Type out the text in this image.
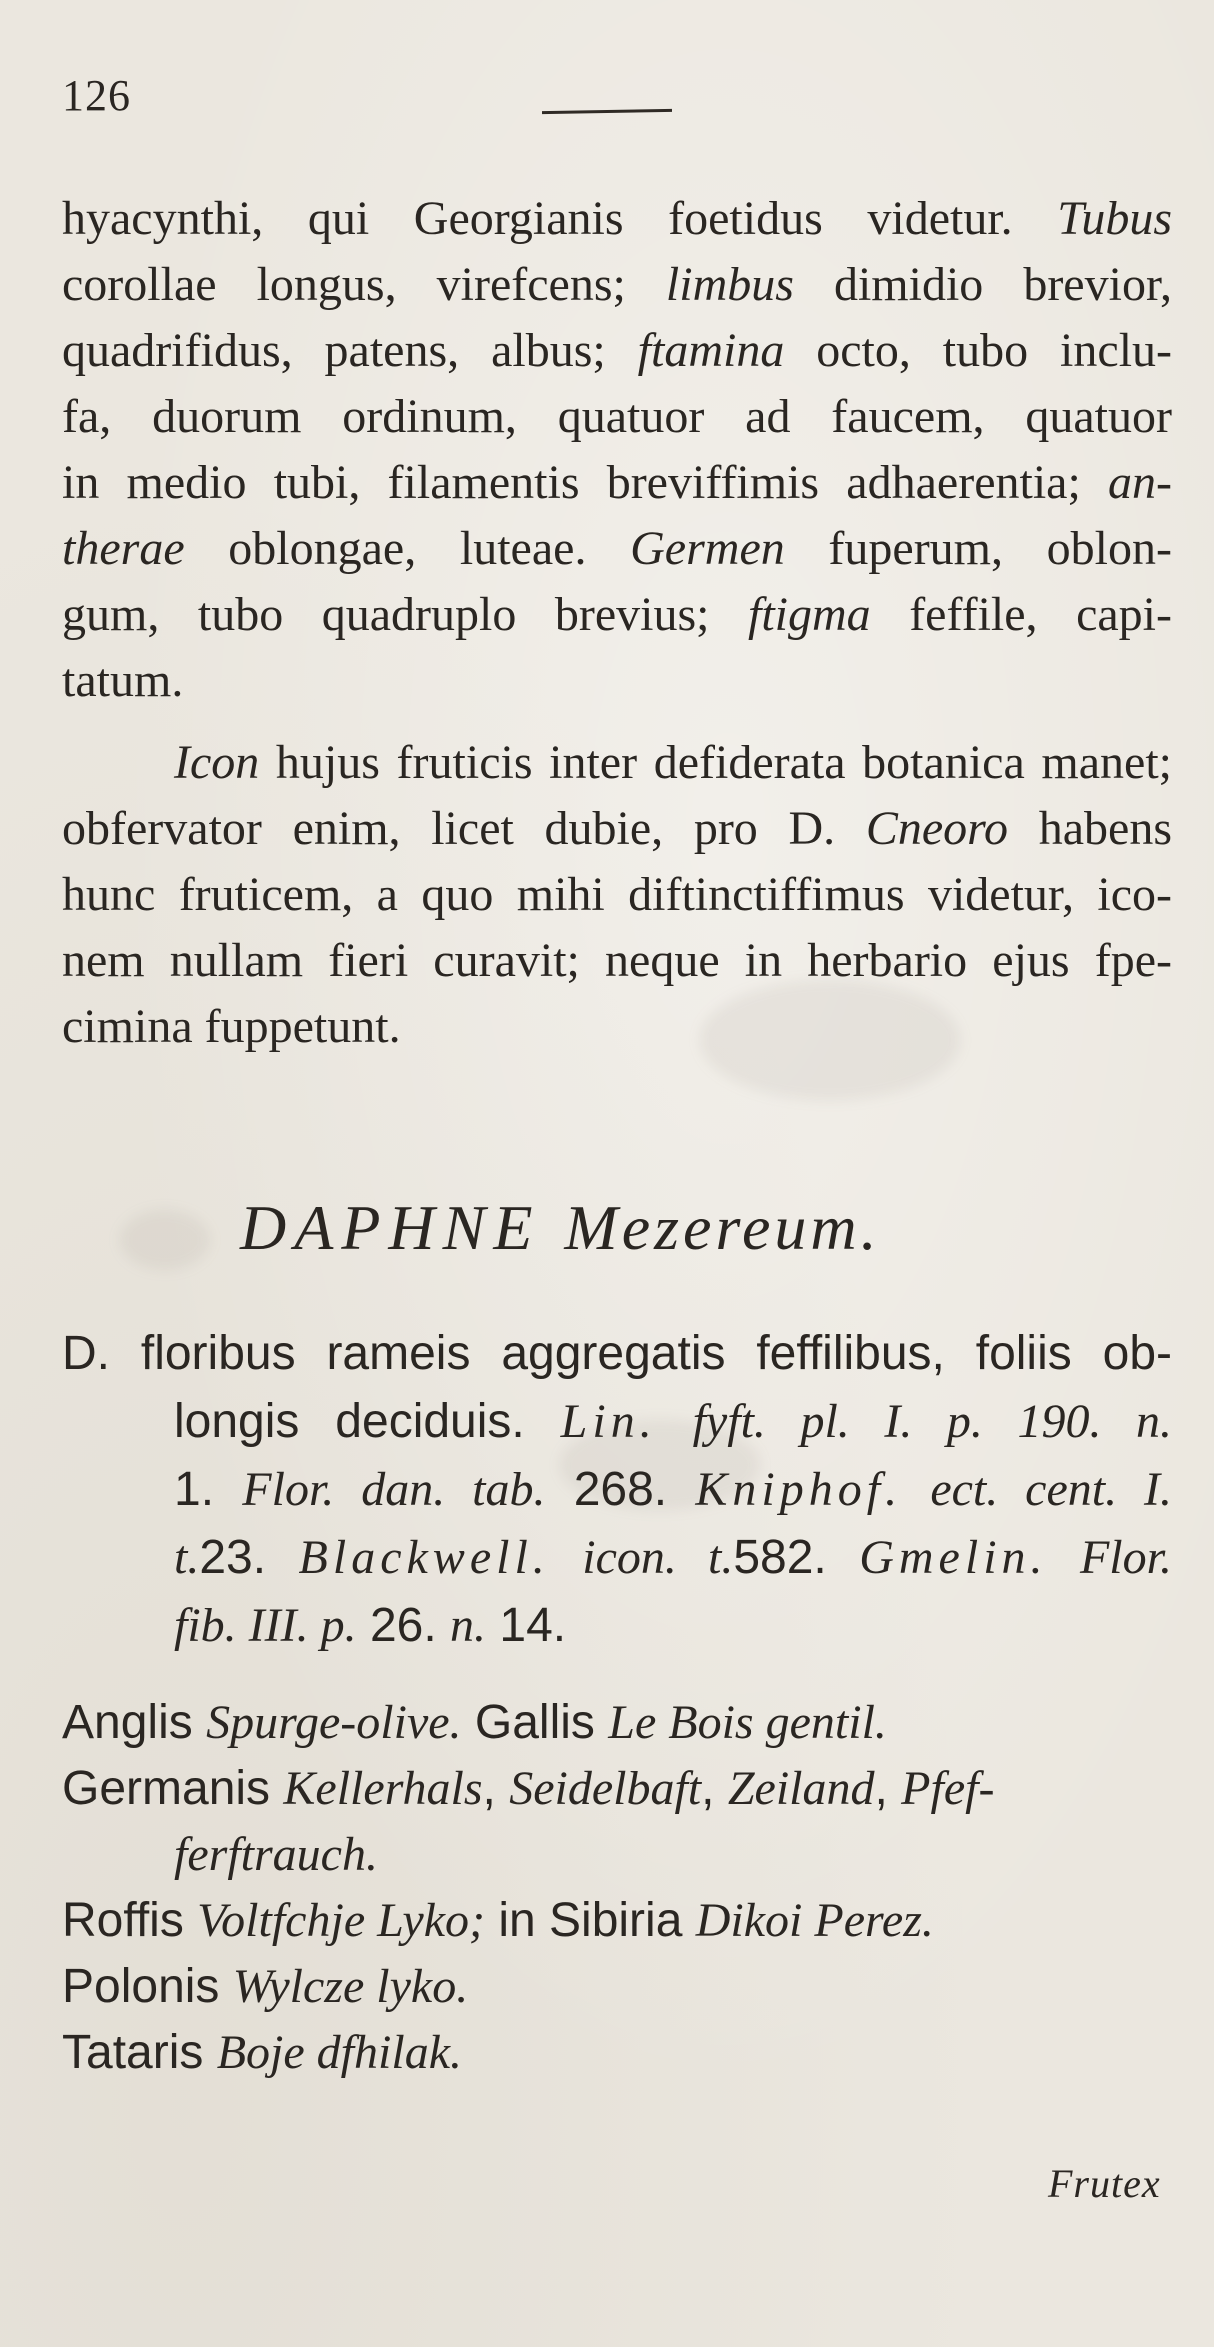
126
hyacynthi, qui Georgianis foetidus videtur. Tubus
corollae longus, virefcens; limbus dimidio brevior,
quadrifidus, patens, albus; ftamina octo, tubo inclu-
fa, duorum ordinum, quatuor ad faucem, quatuor
in medio tubi, filamentis breviffimis adhaerentia; an-
therae oblongae, luteae. Germen fuperum, oblon-
gum, tubo quadruplo brevius; ftigma feffile, capi-
tatum.
Icon hujus fruticis inter defiderata botanica manet;
obfervator enim, licet dubie, pro D. Cneoro habens
hunc fruticem, a quo mihi diftinctiffimus videtur, ico-
nem nullam fieri curavit; neque in herbario ejus fpe-
cimina fuppetunt.
DAPHNE Mezereum.
D. floribus rameis aggregatis feffilibus, foliis ob-
longis deciduis. Lin. fyft. pl. I. p. 190. n.
1. Flor. dan. tab. 268. Kniphof. ect. cent. I.
t.23. Blackwell. icon. t.582. Gmelin. Flor.
fib. III. p. 26. n. 14.
Anglis Spurge-olive. Gallis Le Bois gentil.
Germanis Kellerhals, Seidelbaft, Zeiland, Pfef-
ferftrauch.
Roffis Voltfchje Lyko; in Sibiria Dikoi Perez.
Polonis Wylcze lyko.
Tataris Boje dfhilak.
Frutex
